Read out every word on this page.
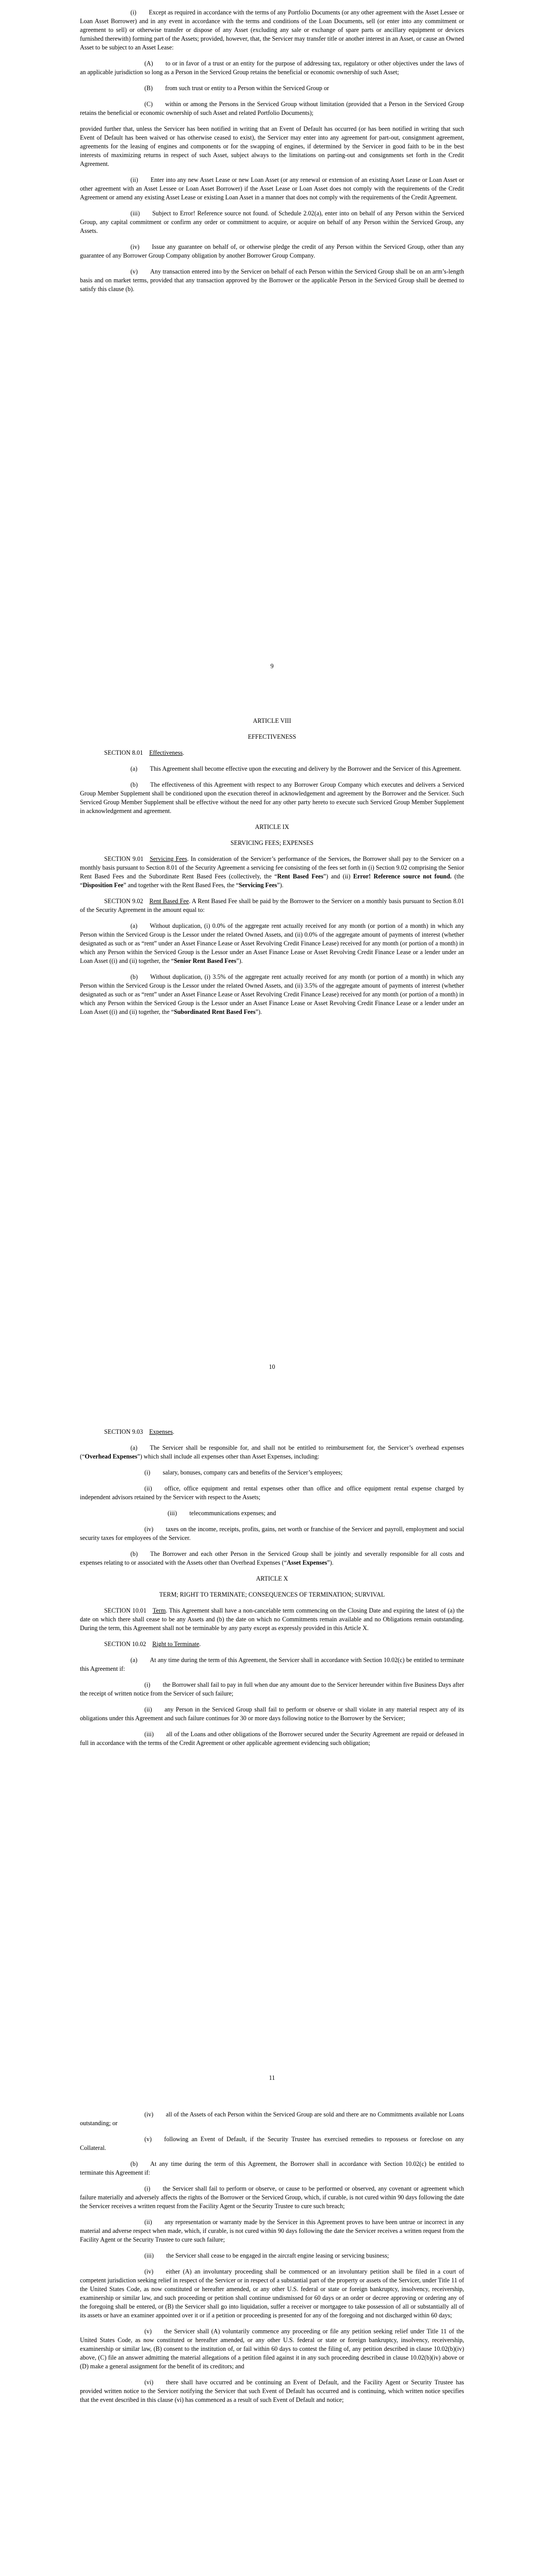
(i)  Except as required in accordance with the terms of any Portfolio Documents (or any other agreement with the Asset Lessee or Loan Asset Borrower) and in any event in accordance with the terms and conditions of the Loan Documents, sell (or enter into any commitment or agreement to sell) or otherwise transfer or dispose of any Asset (excluding any sale or exchange of spare parts or ancillary equipment or devices furnished therewith) forming part of the Assets; provided, however, that, the Servicer may transfer title or another interest in an Asset, or cause an Owned Asset to be subject to an Asset Lease:

(A)  to or in favor of a trust or an entity for the purpose of addressing tax, regulatory or other objectives under the laws of an applicable jurisdiction so long as a Person in the Serviced Group retains the beneficial or economic ownership of such Asset;

(B)  from such trust or entity to a Person within the Serviced Group or

(C)  within or among the Persons in the Serviced Group without limitation (provided that a Person in the Serviced Group retains the beneficial or economic ownership of such Asset and related Portfolio Documents);

provided further that, unless the Servicer has been notified in writing that an Event of Default has occurred (or has been notified in writing that such Event of Default has been waived or has otherwise ceased to exist), the Servicer may enter into any agreement for part-out, consignment agreement, agreements for the leasing of engines and components or for the swapping of engines, if determined by the Servicer in good faith to be in the best interests of maximizing returns in respect of such Asset, subject always to the limitations on parting-out and consignments set forth in the Credit Agreement.

(ii)  Enter into any new Asset Lease or new Loan Asset (or any renewal or extension of an existing Asset Lease or Loan Asset or other agreement with an Asset Lessee or Loan Asset Borrower) if the Asset Lease or Loan Asset does not comply with the requirements of the Credit Agreement or amend any existing Asset Lease or existing Loan Asset in a manner that does not comply with the requirements of the Credit Agreement.

(iii)  Subject to Error! Reference source not found. of Schedule 2.02(a), enter into on behalf of any Person within the Serviced Group, any capital commitment or confirm any order or commitment to acquire, or acquire on behalf of any Person within the Serviced Group, any Assets.

(iv)  Issue any guarantee on behalf of, or otherwise pledge the credit of any Person within the Serviced Group, other than any guarantee of any Borrower Group Company obligation by another Borrower Group Company.

(v)  Any transaction entered into by the Servicer on behalf of each Person within the Serviced Group shall be on an arm’s-length basis and on market terms, provided that any transaction approved by the Borrower or the applicable Person in the Serviced Group shall be deemed to satisfy this clause (b).

9
ARTICLE VIII
EFFECTIVENESS

SECTION 8.01 Effectiveness.

(a)  This Agreement shall become effective upon the executing and delivery by the Borrower and the Servicer of this Agreement.

(b)  The effectiveness of this Agreement with respect to any Borrower Group Company which executes and delivers a Serviced Group Member Supplement shall be conditioned upon the execution thereof in acknowledgement and agreement by the Borrower and the Servicer. Such Serviced Group Member Supplement shall be effective without the need for any other party hereto to execute such Serviced Group Member Supplement in acknowledgement and agreement.

ARTICLE IX
SERVICING FEES; EXPENSES

SECTION 9.01 Servicing Fees. In consideration of the Servicer’s performance of the Services, the Borrower shall pay to the Servicer on a monthly basis pursuant to Section 8.01 of the Security Agreement a servicing fee consisting of the fees set forth in (i) Section 9.02 comprising the Senior Rent Based Fees and the Subordinate Rent Based Fees (collectively, the “Rent Based Fees”) and (ii) Error! Reference source not found. (the “Disposition Fee” and together with the Rent Based Fees, the “Servicing Fees”).

SECTION 9.02 Rent Based Fee. A Rent Based Fee shall be paid by the Borrower to the Servicer on a monthly basis pursuant to Section 8.01 of the Security Agreement in the amount equal to:

(a)  Without duplication, (i) 0.0% of the aggregate rent actually received for any month (or portion of a month) in which any Person within the Serviced Group is the Lessor under the related Owned Assets, and (ii) 0.0% of the aggregate amount of payments of interest (whether designated as such or as “rent” under an Asset Finance Lease or Asset Revolving Credit Finance Lease) received for any month (or portion of a month) in which any Person within the Serviced Group is the Lessor under an Asset Finance Lease or Asset Revolving Credit Finance Lease or a lender under an Loan Asset ((i) and (ii) together, the “Senior Rent Based Fees”).

(b)  Without duplication, (i) 3.5% of the aggregate rent actually received for any month (or portion of a month) in which any Person within the Serviced Group is the Lessor under the related Owned Assets, and (ii) 3.5% of the aggregate amount of payments of interest (whether designated as such or as “rent” under an Asset Finance Lease or Asset Revolving Credit Finance Lease) received for any month (or portion of a month) in which any Person within the Serviced Group is the Lessor under an Asset Finance Lease or Asset Revolving Credit Finance Lease or a lender under an Loan Asset ((i) and (ii) together, the “Subordinated Rent Based Fees”).

10

SECTION 9.03 Expenses.

(a)  The Servicer shall be responsible for, and shall not be entitled to reimbursement for, the Servicer’s overhead expenses (“Overhead Expenses”) which shall include all expenses other than Asset Expenses, including:

(i)  salary, bonuses, company cars and benefits of the Servicer’s employees;

(ii)  office, office equipment and rental expenses other than office and office equipment rental expense charged by independent advisors retained by the Servicer with respect to the Assets;

(iii)  telecommunications expenses; and

(iv)  taxes on the income, receipts, profits, gains, net worth or franchise of the Servicer and payroll, employment and social security taxes for employees of the Servicer.

(b)  The Borrower and each other Person in the Serviced Group shall be jointly and severally responsible for all costs and expenses relating to or associated with the Assets other than Overhead Expenses (“Asset Expenses”).

ARTICLE X
TERM; RIGHT TO TERMINATE; CONSEQUENCES OF TERMINATION; SURVIVAL

SECTION 10.01 Term. This Agreement shall have a non-cancelable term commencing on the Closing Date and expiring the latest of (a) the date on which there shall cease to be any Assets and (b) the date on which no Commitments remain available and no Obligations remain outstanding. During the term, this Agreement shall not be terminable by any party except as expressly provided in this Article X.

SECTION 10.02 Right to Terminate.

(a)  At any time during the term of this Agreement, the Servicer shall in accordance with Section 10.02(c) be entitled to terminate this Agreement if:

(i)  the Borrower shall fail to pay in full when due any amount due to the Servicer hereunder within five Business Days after the receipt of written notice from the Servicer of such failure;

(ii)  any Person in the Serviced Group shall fail to perform or observe or shall violate in any material respect any of its obligations under this Agreement and such failure continues for 30 or more days following notice to the Borrower by the Servicer;

(iii)  all of the Loans and other obligations of the Borrower secured under the Security Agreement are repaid or defeased in full in accordance with the terms of the Credit Agreement or other applicable agreement evidencing such obligation;

11

(iv)  all of the Assets of each Person within the Serviced Group are sold and there are no Commitments available nor Loans outstanding; or

(v)  following an Event of Default, if the Security Trustee has exercised remedies to repossess or foreclose on any Collateral.

(b)  At any time during the term of this Agreement, the Borrower shall in accordance with Section 10.02(c) be entitled to terminate this Agreement if:

(i)  the Servicer shall fail to perform or observe, or cause to be performed or observed, any covenant or agreement which failure materially and adversely affects the rights of the Borrower or the Serviced Group, which, if curable, is not cured within 90 days following the date the Servicer receives a written request from the Facility Agent or the Security Trustee to cure such breach;

(ii)  any representation or warranty made by the Servicer in this Agreement proves to have been untrue or incorrect in any material and adverse respect when made, which, if curable, is not cured within 90 days following the date the Servicer receives a written request from the Facility Agent or the Security Trustee to cure such failure;

(iii)  the Servicer shall cease to be engaged in the aircraft engine leasing or servicing business;

(iv)  either (A) an involuntary proceeding shall be commenced or an involuntary petition shall be filed in a court of competent jurisdiction seeking relief in respect of the Servicer or in respect of a substantial part of the property or assets of the Servicer, under Title 11 of the United States Code, as now constituted or hereafter amended, or any other U.S. federal or state or foreign bankruptcy, insolvency, receivership, examinership or similar law, and such proceeding or petition shall continue undismissed for 60 days or an order or decree approving or ordering any of the foregoing shall be entered, or (B) the Servicer shall go into liquidation, suffer a receiver or mortgagee to take possession of all or substantially all of its assets or have an examiner appointed over it or if a petition or proceeding is presented for any of the foregoing and not discharged within 60 days;

(v)  the Servicer shall (A) voluntarily commence any proceeding or file any petition seeking relief under Title 11 of the United States Code, as now constituted or hereafter amended, or any other U.S. federal or state or foreign bankruptcy, insolvency, receivership, examinership or similar law, (B) consent to the institution of, or fail within 60 days to contest the filing of, any petition described in clause 10.02(b)(iv) above, (C) file an answer admitting the material allegations of a petition filed against it in any such proceeding described in clause 10.02(b)(iv) above or (D) make a general assignment for the benefit of its creditors; and

(vi)  there shall have occurred and be continuing an Event of Default, and the Facility Agent or Security Trustee has provided written notice to the Servicer notifying the Servicer that such Event of Default has occurred and is continuing, which written notice specifies that the event described in this clause (vi) has commenced as a result of such Event of Default and notice;
